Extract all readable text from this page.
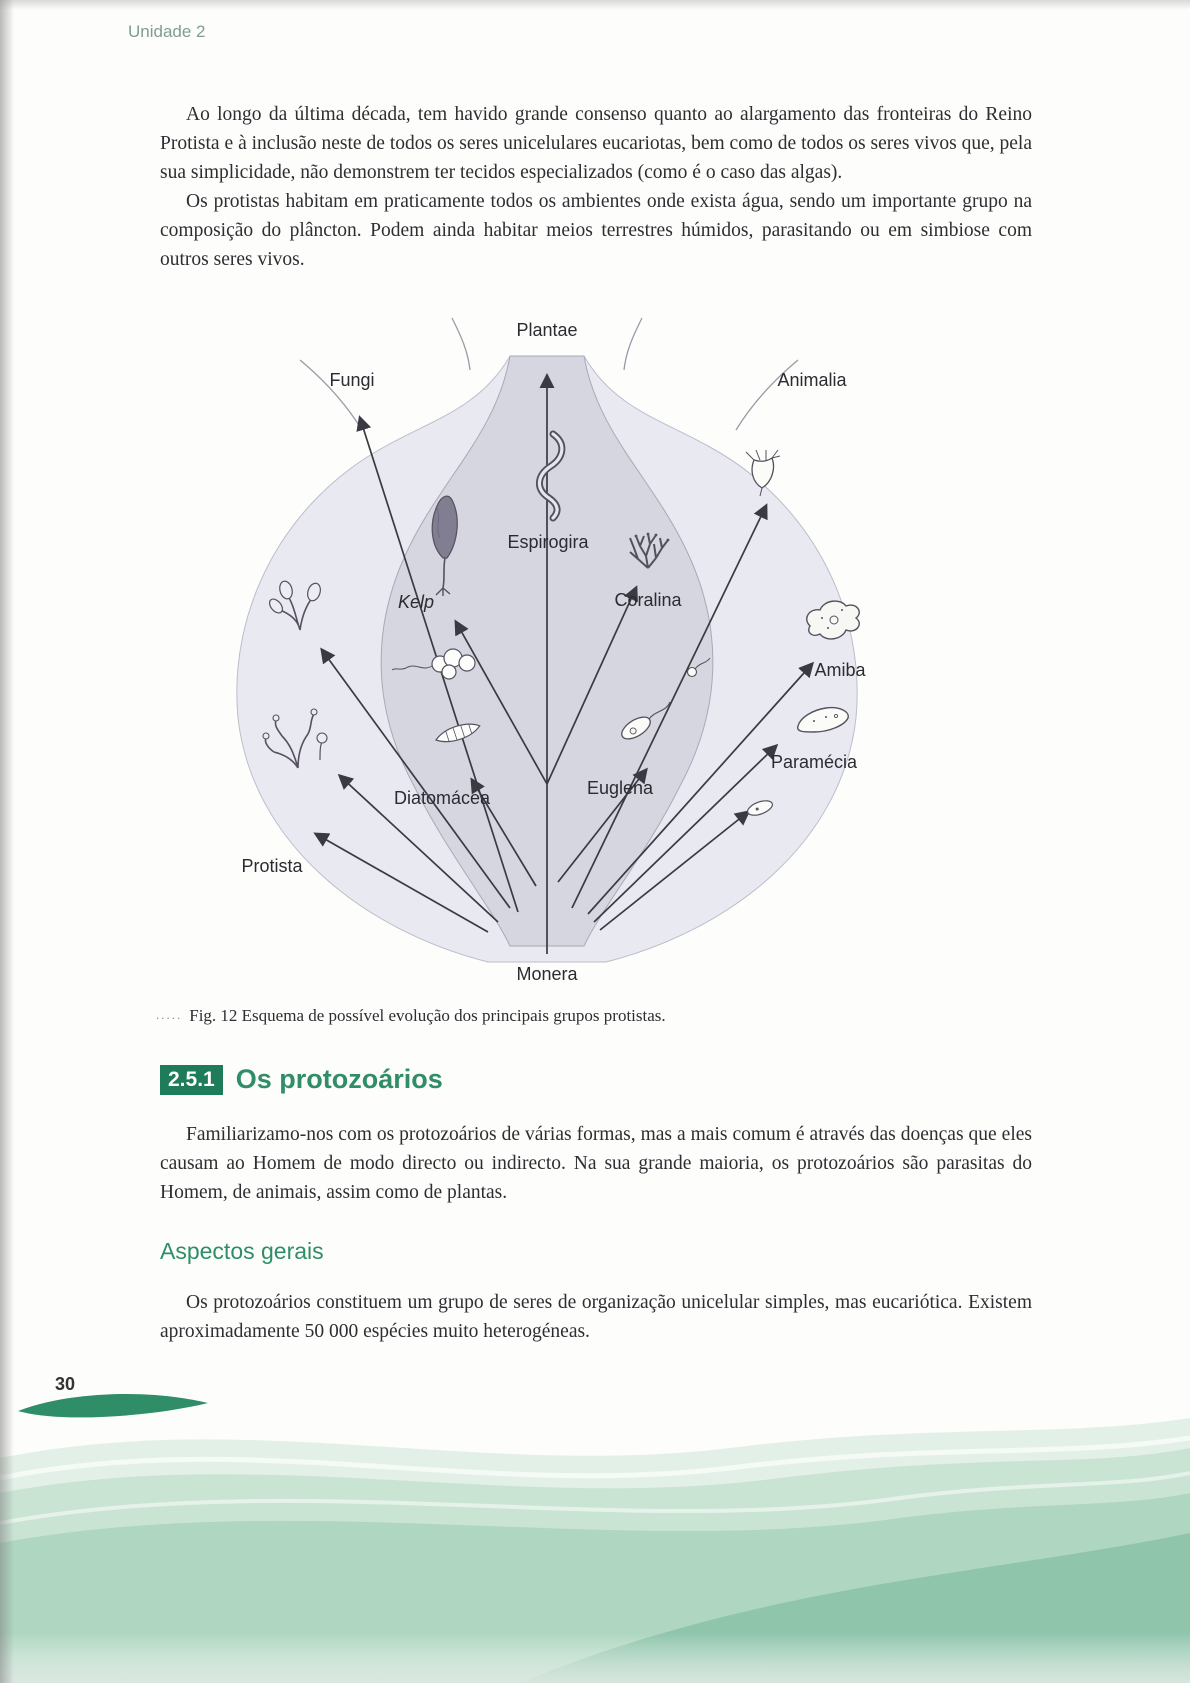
Unidade 2

Ao longo da última década, tem havido grande consenso quanto ao alargamento das fronteiras do Reino Protista e à inclusão neste de todos os seres unicelulares eucariotas, bem como de todos os seres vivos que, pela sua simplicidade, não demonstrem ter tecidos especializados (como é o caso das algas).

Os protistas habitam em praticamente todos os ambientes onde exista água, sendo um importante grupo na composição do plâncton. Podem ainda habitar meios terrestres húmidos, parasitando ou em simbiose com outros seres vivos.

Plantae
Fungi	Animalia
Espirogira
Coralina
Kelp
Amiba
Paramécia
Euglena
Diatomácea
Protista
Monera
..... Fig. 12 Esquema de possível evolução dos principais grupos protistas.
2.5.1 Os protozoários

Familiarizamo-nos com os protozoários de várias formas, mas a mais comum é através das doenças que eles causam ao Homem de modo directo ou indirecto. Na sua grande maioria, os protozoários são parasitas do Homem, de animais, assim como de plantas.

Aspectos gerais

Os protozoários constituem um grupo de seres de organização unicelular simples, mas eucariótica. Existem aproximadamente 50 000 espécies muito heterogéneas.

30
